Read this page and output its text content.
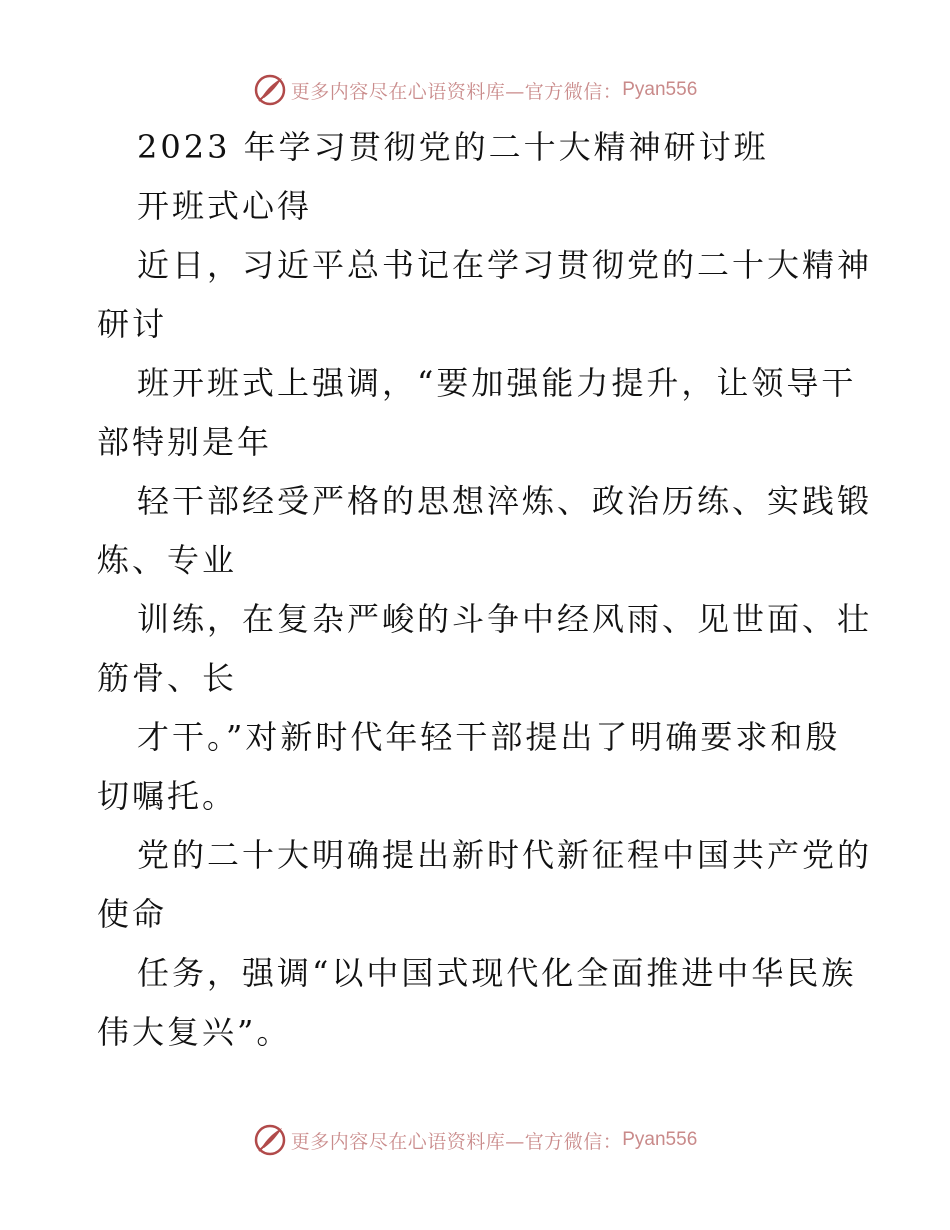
更多内容尽在心语资料库—官方微信： Pyan556
2023 年学习贯彻党的二十大精神研讨班
开班式心得
近日，习近平总书记在学习贯彻党的二十大精神
研讨
班开班式上强调，“要加强能力提升，让领导干
部特别是年
轻干部经受严格的思想淬炼、政治历练、实践锻
炼、专业
训练，在复杂严峻的斗争中经风雨、见世面、壮
筋骨、长
才干。”对新时代年轻干部提出了明确要求和殷
切嘱托。
党的二十大明确提出新时代新征程中国共产党的
使命
任务，强调“以中国式现代化全面推进中华民族
伟大复兴”。
更多内容尽在心语资料库—官方微信： Pyan556
